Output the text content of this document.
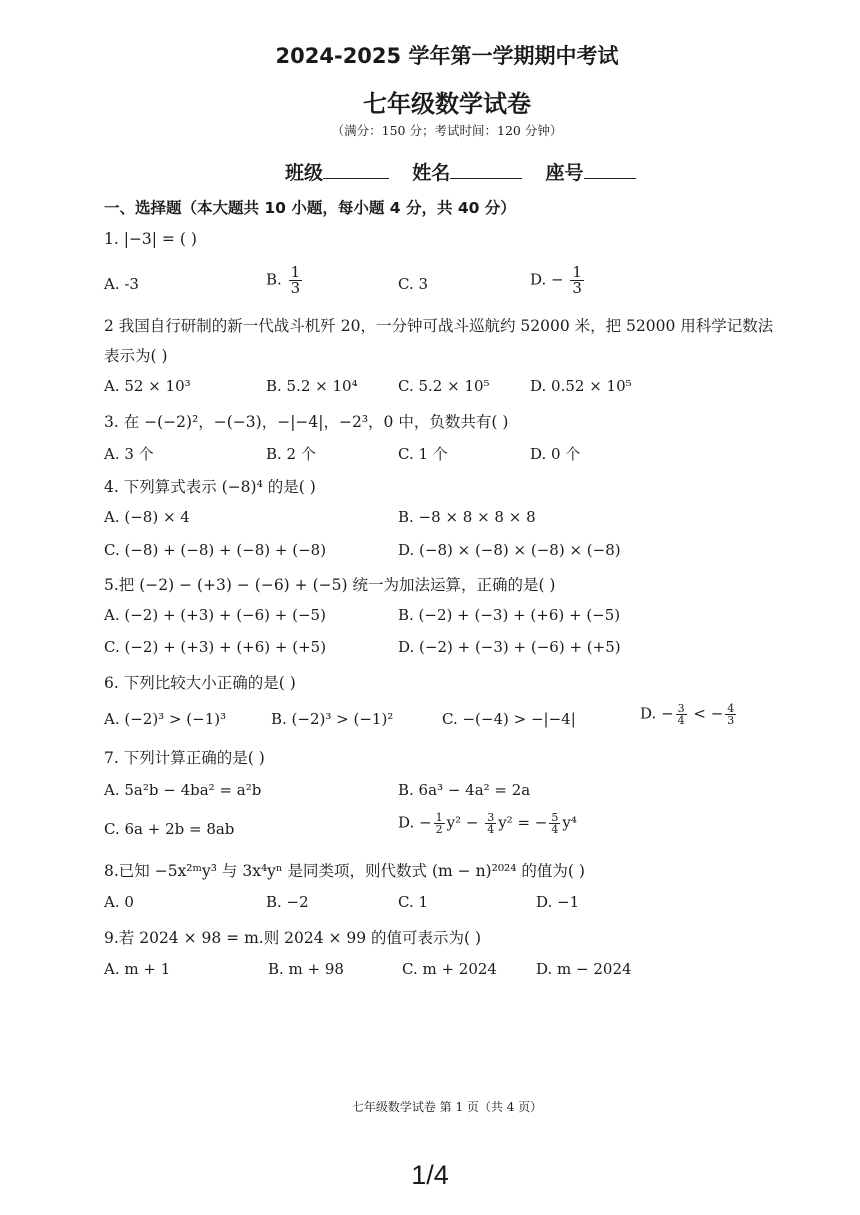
2024-2025 学年第一学期期中考试
七年级数学试卷
（满分：150 分；考试时间：120 分钟）
班级	姓名	座号
一、选择题（本大题共 10 小题，每小题 4 分，共 40 分）
1. |−3| = ( )
A. -3	B. $\frac{1}{3}$	C. 3	D. − $\frac{1}{3}$
2 我国自行研制的新一代战斗机歼 20，一分钟可战斗巡航约 52000 米，把 52000 用科学记数法
表示为( )
A. 52 × 10³	B. 5.2 × 10⁴	C. 5.2 × 10⁵	D. 0.52 × 10⁵
3. 在 −(−2)²，−(−3)，−|−4|，−2³，0 中，负数共有( )
A. 3 个	B. 2 个	C. 1 个	D. 0 个
4. 下列算式表示 (−8)⁴ 的是( )
A. (−8) × 4	B. −8 × 8 × 8 × 8
C. (−8) + (−8) + (−8) + (−8)	D. (−8) × (−8) × (−8) × (−8)
5.把 (−2) − (+3) − (−6) + (−5) 统一为加法运算，正确的是( )
A. (−2) + (+3) + (−6) + (−5)	B. (−2) + (−3) + (+6) + (−5)
C. (−2) + (+3) + (+6) + (+5)	D. (−2) + (−3) + (−6) + (+5)
6. 下列比较大小正确的是( )
A. (−2)³ > (−1)³	B. (−2)³ > (−1)²	C. −(−4) > −|−4|	D. − $\frac{3}{4}$ < − $\frac{4}{3}$
7. 下列计算正确的是( )
A. 5a²b − 4ba² = a²b	B. 6a³ − 4a² = 2a
C. 6a + 2b = 8ab	D. − $\frac{1}{2} y^2 - \frac{3}{4} y^2$ = − $\frac{5}{4} y^4$
8.已知 −5x²ᵐy³ 与 3x⁴yⁿ 是同类项，则代数式 (m − n)²⁰²⁴ 的值为( )
A. 0	B. −2	C. 1	D. −1
9.若 2024 × 98 = m.则 2024 × 99 的值可表示为( )
A. m + 1	B. m + 98	C. m + 2024	D. m − 2024
七年级数学试卷 第 1 页（共 4 页）
1/4
